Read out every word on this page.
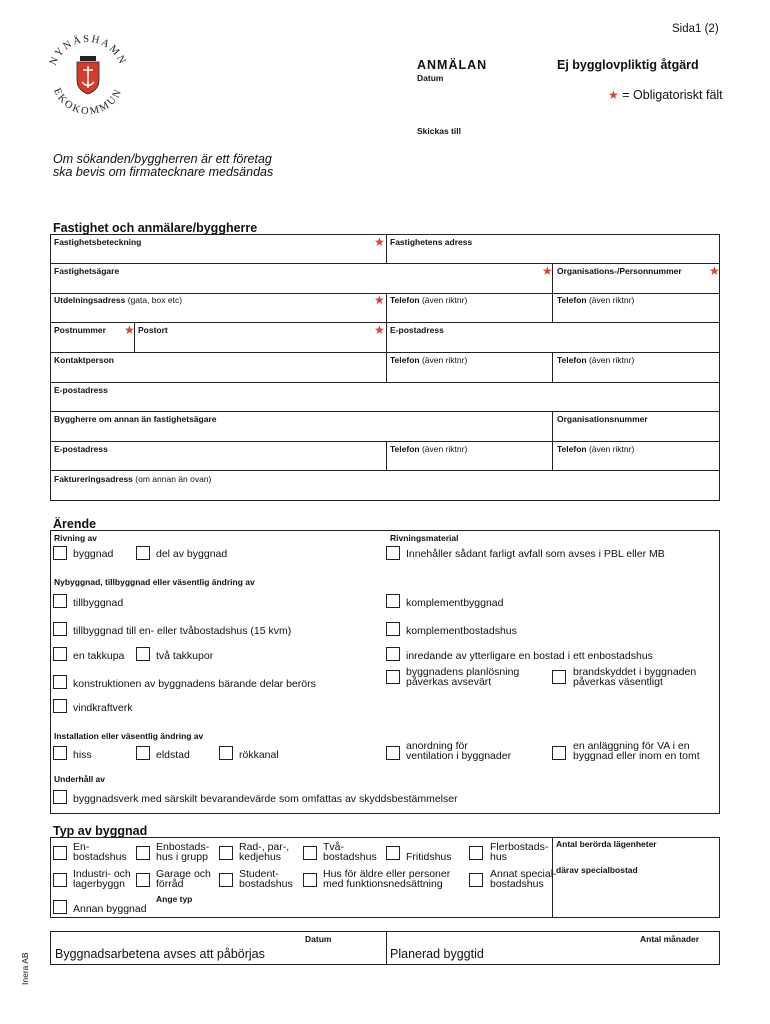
Sida1 (2)
NYNÄSHAMN
EKOKOMMUN
ANMÄLAN
Datum
Ej bygglovpliktig åtgärd
★ = Obligatoriskt fält
Skickas till
Om sökanden/byggherren är ett företag
ska bevis om firmatecknare medsändas
Fastighet och anmälare/byggherre
Fastighetsbeteckning	★ Fastighetens adress
Fastighetsägare	★ Organisations-/Personnummer ★
Utdelningsadress (gata, box etc)	★ Telefon (även riktnr)	Telefon (även riktnr)
Postnummer ★ Postort	★ E-postadress
Kontaktperson	Telefon (även riktnr)	Telefon (även riktnr)
E-postadress
Byggherre om annan än fastighetsägare	Organisationsnummer
E-postadress	Telefon (även riktnr)	Telefon (även riktnr)
Faktureringsadress (om annan än ovan)
Ärende
Rivning av	Rivningsmaterial
byggnad	del av byggnad	Innehåller sådant farligt avfall som avses i PBL eller MB
Nybyggnad, tillbyggnad eller väsentlig ändring av
tillbyggnad	komplementbyggnad
tillbyggnad till en- eller tvåbostadshus (15 kvm)	komplementbostadshus
en takkupa	två takkupor	inredande av ytterligare en bostad i ett enbostadshus
byggnadens planlösning
påverkas avsevärt
brandskyddet i byggnaden
påverkas väsentligt
konstruktionen av byggnadens bärande delar berörs
vindkraftverk
Installation eller väsentlig ändring av
hiss	eldstad	rökkanal
anordning för
ventilation i byggnader
en anläggning för VA i en
byggnad eller inom en tomt
Underhåll av
byggnadsverk med särskilt bevarandevärde som omfattas av skyddsbestämmelser
Typ av byggnad
En-
bostadshus
Enbostads-
hus i grupp
Rad-, par-,
kedjehus
Två-
bostadshus	Fritidshus
Flerbostads-
hus
Antal berörda lägenheter
Industri- och
lagerbyggn
Garage och
förråd
Student-
bostadshus
Hus för äldre eller personer
med funktionsnedsättning
Annat special-
bostadshus
därav specialbostad
Ange typ
Annan byggnad
Datum	Antal månader
Byggnadsarbetena avses att påbörjas	Planerad byggtid
Inera AB
